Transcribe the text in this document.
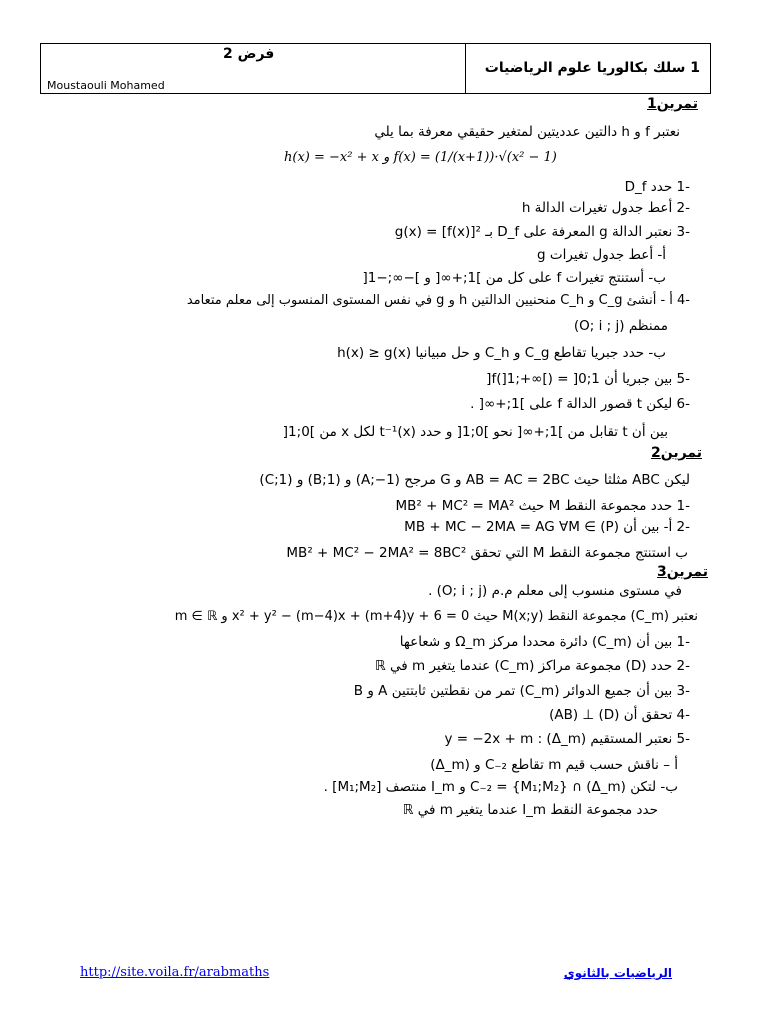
فرض 2
Moustaouli Mohamed
1 سلك بكالوريا علوم الرياضيات
تمرين1
نعتبر f و h دالتين عدديتين لمتغير حقيقي معرفة بما يلي
h(x) = −x² + x و f(x) = (1/(x+1))·√(x² − 1)
-1 حدد D_f
-2 أعط جدول تغيرات الدالة h
-3 نعتبر الدالة g المعرفة على D_f بـ g(x) = [f(x)]²
أ- أعط جدول تغيرات g
ب- أستنتج تغيرات f على كل من ]1;+∞[ و ]−∞;−1[
-4 أ - أنشئ C_g و C_h منحنيين الدالتين h و g في نفس المستوى المنسوب إلى معلم متعامد
ممنظم (O; i ; j)
ب- حدد جبريا تقاطع C_g و C_h و حل مبيانيا h(x) ≥ g(x)
-5 بين جبريا أن f(]1;+∞[) = ]0;1[
-6 ليكن t قصور الدالة f على ]1;+∞[ .
بين أن t تقابل من ]1;+∞[ نحو ]0;1[ و حدد t⁻¹(x) لكل x من ]0;1[
تمرين2
ليكن ABC مثلثا حيث AB = AC = 2BC و G مرجح (A;−1) و (B;1) و (C;1)
-1 حدد مجموعة النقط M حيث MB² + MC² = MA²
-2 أ- بين أن MB + MC − 2MA = AG ∀M ∈ (P)
ب استنتج مجموعة النقط M التي تحقق MB² + MC² − 2MA² = 8BC²
تمرين3
في مستوى منسوب إلى معلم م.م (O; i ; j) .
نعتبر (C_m) مجموعة النقط M(x;y) حيث x² + y² − (m−4)x + (m+4)y + 6 = 0 و m ∈ ℝ
-1 بين أن (C_m) دائرة محددا مركز Ω_m و شعاعها
-2 حدد (D) مجموعة مراكز (C_m) عندما يتغير m في ℝ
-3 بين أن جميع الدوائر (C_m) تمر من نقطتين ثابتتين A و B
-4 تحقق أن (D) ⊥ (AB)
-5 نعتبر المستقيم (Δ_m) : y = −2x + m
أ – ناقش حسب قيم m تقاطع C₋₂ و (Δ_m)
ب- لتكن (Δ_m) ∩ C₋₂ = {M₁;M₂} و I_m منتصف [M₁;M₂] .
حدد مجموعة النقط I_m عندما يتغير m في ℝ
http://site.voila.fr/arabmaths	الرياضيات بالثانوي
